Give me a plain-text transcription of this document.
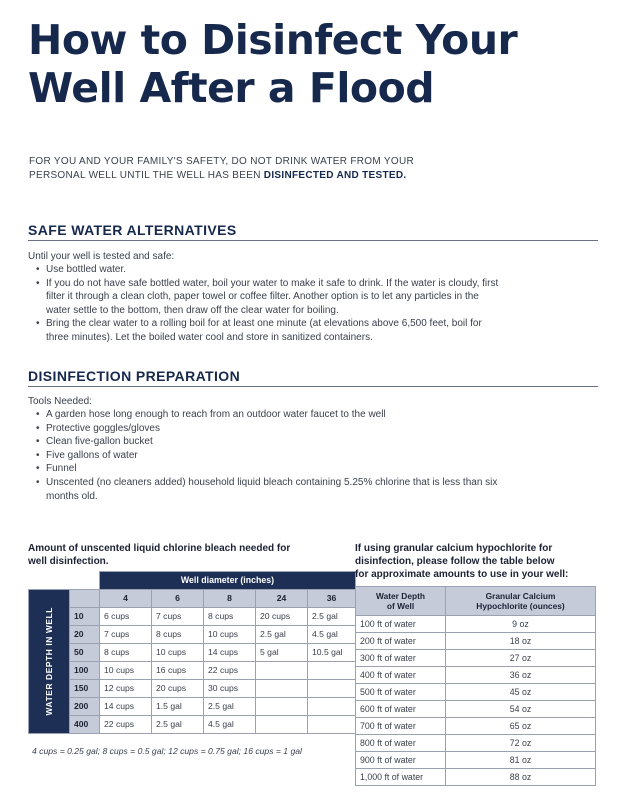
How to Disinfect Your
Well After a Flood
FOR YOU AND YOUR FAMILY'S SAFETY, DO NOT DRINK WATER FROM YOUR
PERSONAL WELL UNTIL THE WELL HAS BEEN DISINFECTED AND TESTED.
SAFE WATER ALTERNATIVES
Until your well is tested and safe:
• Use bottled water.
• If you do not have safe bottled water, boil your water to make it safe to drink. If the water is cloudy, first
filter it through a clean cloth, paper towel or coffee filter. Another option is to let any particles in the
water settle to the bottom, then draw off the clear water for boiling.
• Bring the clear water to a rolling boil for at least one minute (at elevations above 6,500 feet, boil for
three minutes). Let the boiled water cool and store in sanitized containers.
DISINFECTION PREPARATION
Tools Needed:
• A garden hose long enough to reach from an outdoor water faucet to the well
• Protective goggles/gloves
• Clean five-gallon bucket
• Five gallons of water
• Funnel
• Unscented (no cleaners added) household liquid bleach containing 5.25% chlorine that is less than six
months old.
Amount of unscented liquid chlorine bleach needed for
well disinfection.
		Well diameter (inches)				

WATER DEPTH IN WELL		4	6	8	24	36
	10	6 cups	7 cups	8 cups	20 cups	2.5 gal
	20	7 cups	8 cups	10 cups	2.5 gal	4.5 gal
	50	8 cups	10 cups	14 cups	5 gal	10.5 gal
	100	10 cups	16 cups	22 cups		
	150	12 cups	20 cups	30 cups		
	200	14 cups	1.5 gal	2.5 gal		
	400	22 cups	2.5 gal	4.5 gal		
4 cups = 0.25 gal; 8 cups = 0.5 gal; 12 cups = 0.75 gal; 16 cups = 1 gal
If using granular calcium hypochlorite for
disinfection, please follow the table below
for approximate amounts to use in your well:
Water Depth
of Well	Granular Calcium
Hypochlorite (ounces)
100 ft of water	9 oz
200 ft of water	18 oz
300 ft of water	27 oz
400 ft of water	36 oz
500 ft of water	45 oz
600 ft of water	54 oz
700 ft of water	65 oz
800 ft of water	72 oz
900 ft of water	81 oz
1,000 ft of water	88 oz
